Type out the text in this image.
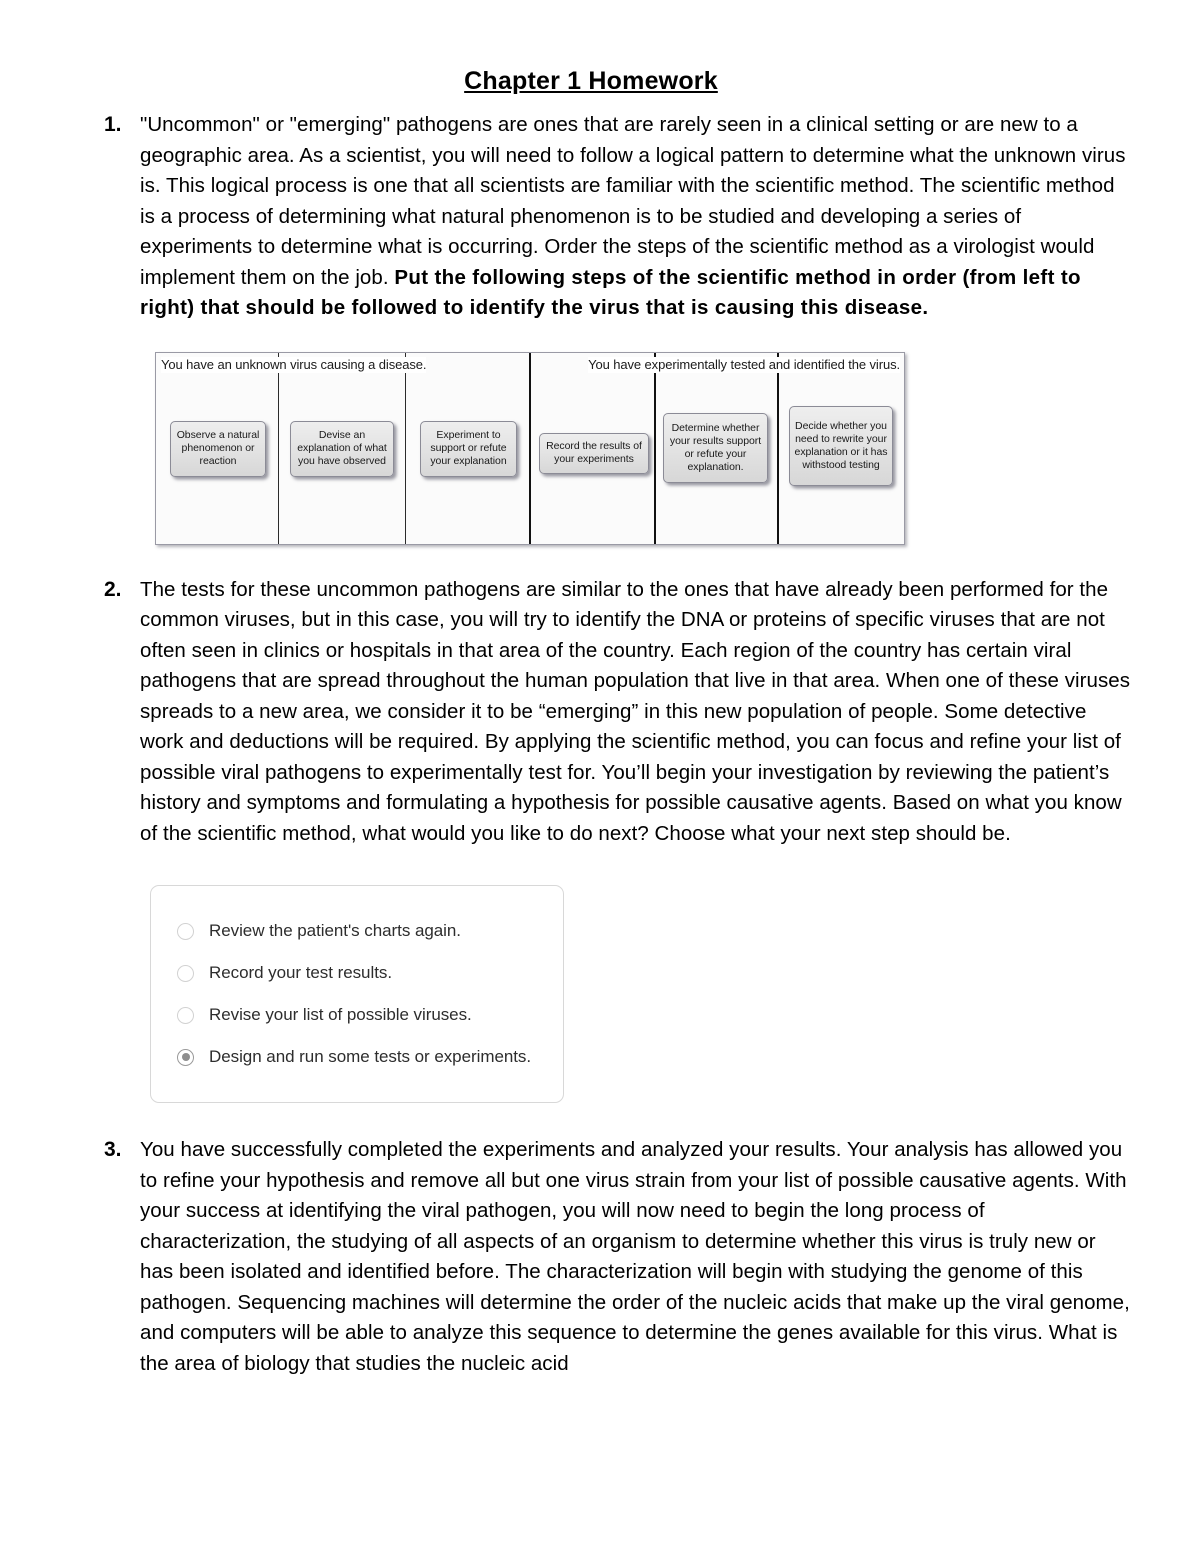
Chapter 1 Homework
1. "Uncommon" or "emerging" pathogens are ones that are rarely seen in a clinical setting or are new to a geographic area. As a scientist, you will need to follow a logical pattern to determine what the unknown virus is. This logical process is one that all scientists are familiar with the scientific method. The scientific method is a process of determining what natural phenomenon is to be studied and developing a series of experiments to determine what is occurring. Order the steps of the scientific method as a virologist would implement them on the job. Put the following steps of the scientific method in order (from left to right) that should be followed to identify the virus that is causing this disease.
Observe a natural phenomenon or reaction
Devise an explanation of what you have observed
Experiment to support or refute your explanation
Record the results of your experiments
Determine whether your results support or refute your explanation.
Decide whether you need to rewrite your explanation or it has withstood testing
You have an unknown virus causing a disease.	You have experimentally tested and identified the virus.
2. The tests for these uncommon pathogens are similar to the ones that have already been performed for the common viruses, but in this case, you will try to identify the DNA or proteins of specific viruses that are not often seen in clinics or hospitals in that area of the country. Each region of the country has certain viral pathogens that are spread throughout the human population that live in that area. When one of these viruses spreads to a new area, we consider it to be “emerging” in this new population of people. Some detective work and deductions will be required. By applying the scientific method, you can focus and refine your list of possible viral pathogens to experimentally test for. You’ll begin your investigation by reviewing the patient’s history and symptoms and formulating a hypothesis for possible causative agents. Based on what you know of the scientific method, what would you like to do next? Choose what your next step should be.
Review the patient's charts again.
Record your test results.
Revise your list of possible viruses.
Design and run some tests or experiments.
3. You have successfully completed the experiments and analyzed your results. Your analysis has allowed you to refine your hypothesis and remove all but one virus strain from your list of possible causative agents. With your success at identifying the viral pathogen, you will now need to begin the long process of characterization, the studying of all aspects of an organism to determine whether this virus is truly new or has been isolated and identified before. The characterization will begin with studying the genome of this pathogen. Sequencing machines will determine the order of the nucleic acids that make up the viral genome, and computers will be able to analyze this sequence to determine the genes available for this virus. What is the area of biology that studies the nucleic acid
